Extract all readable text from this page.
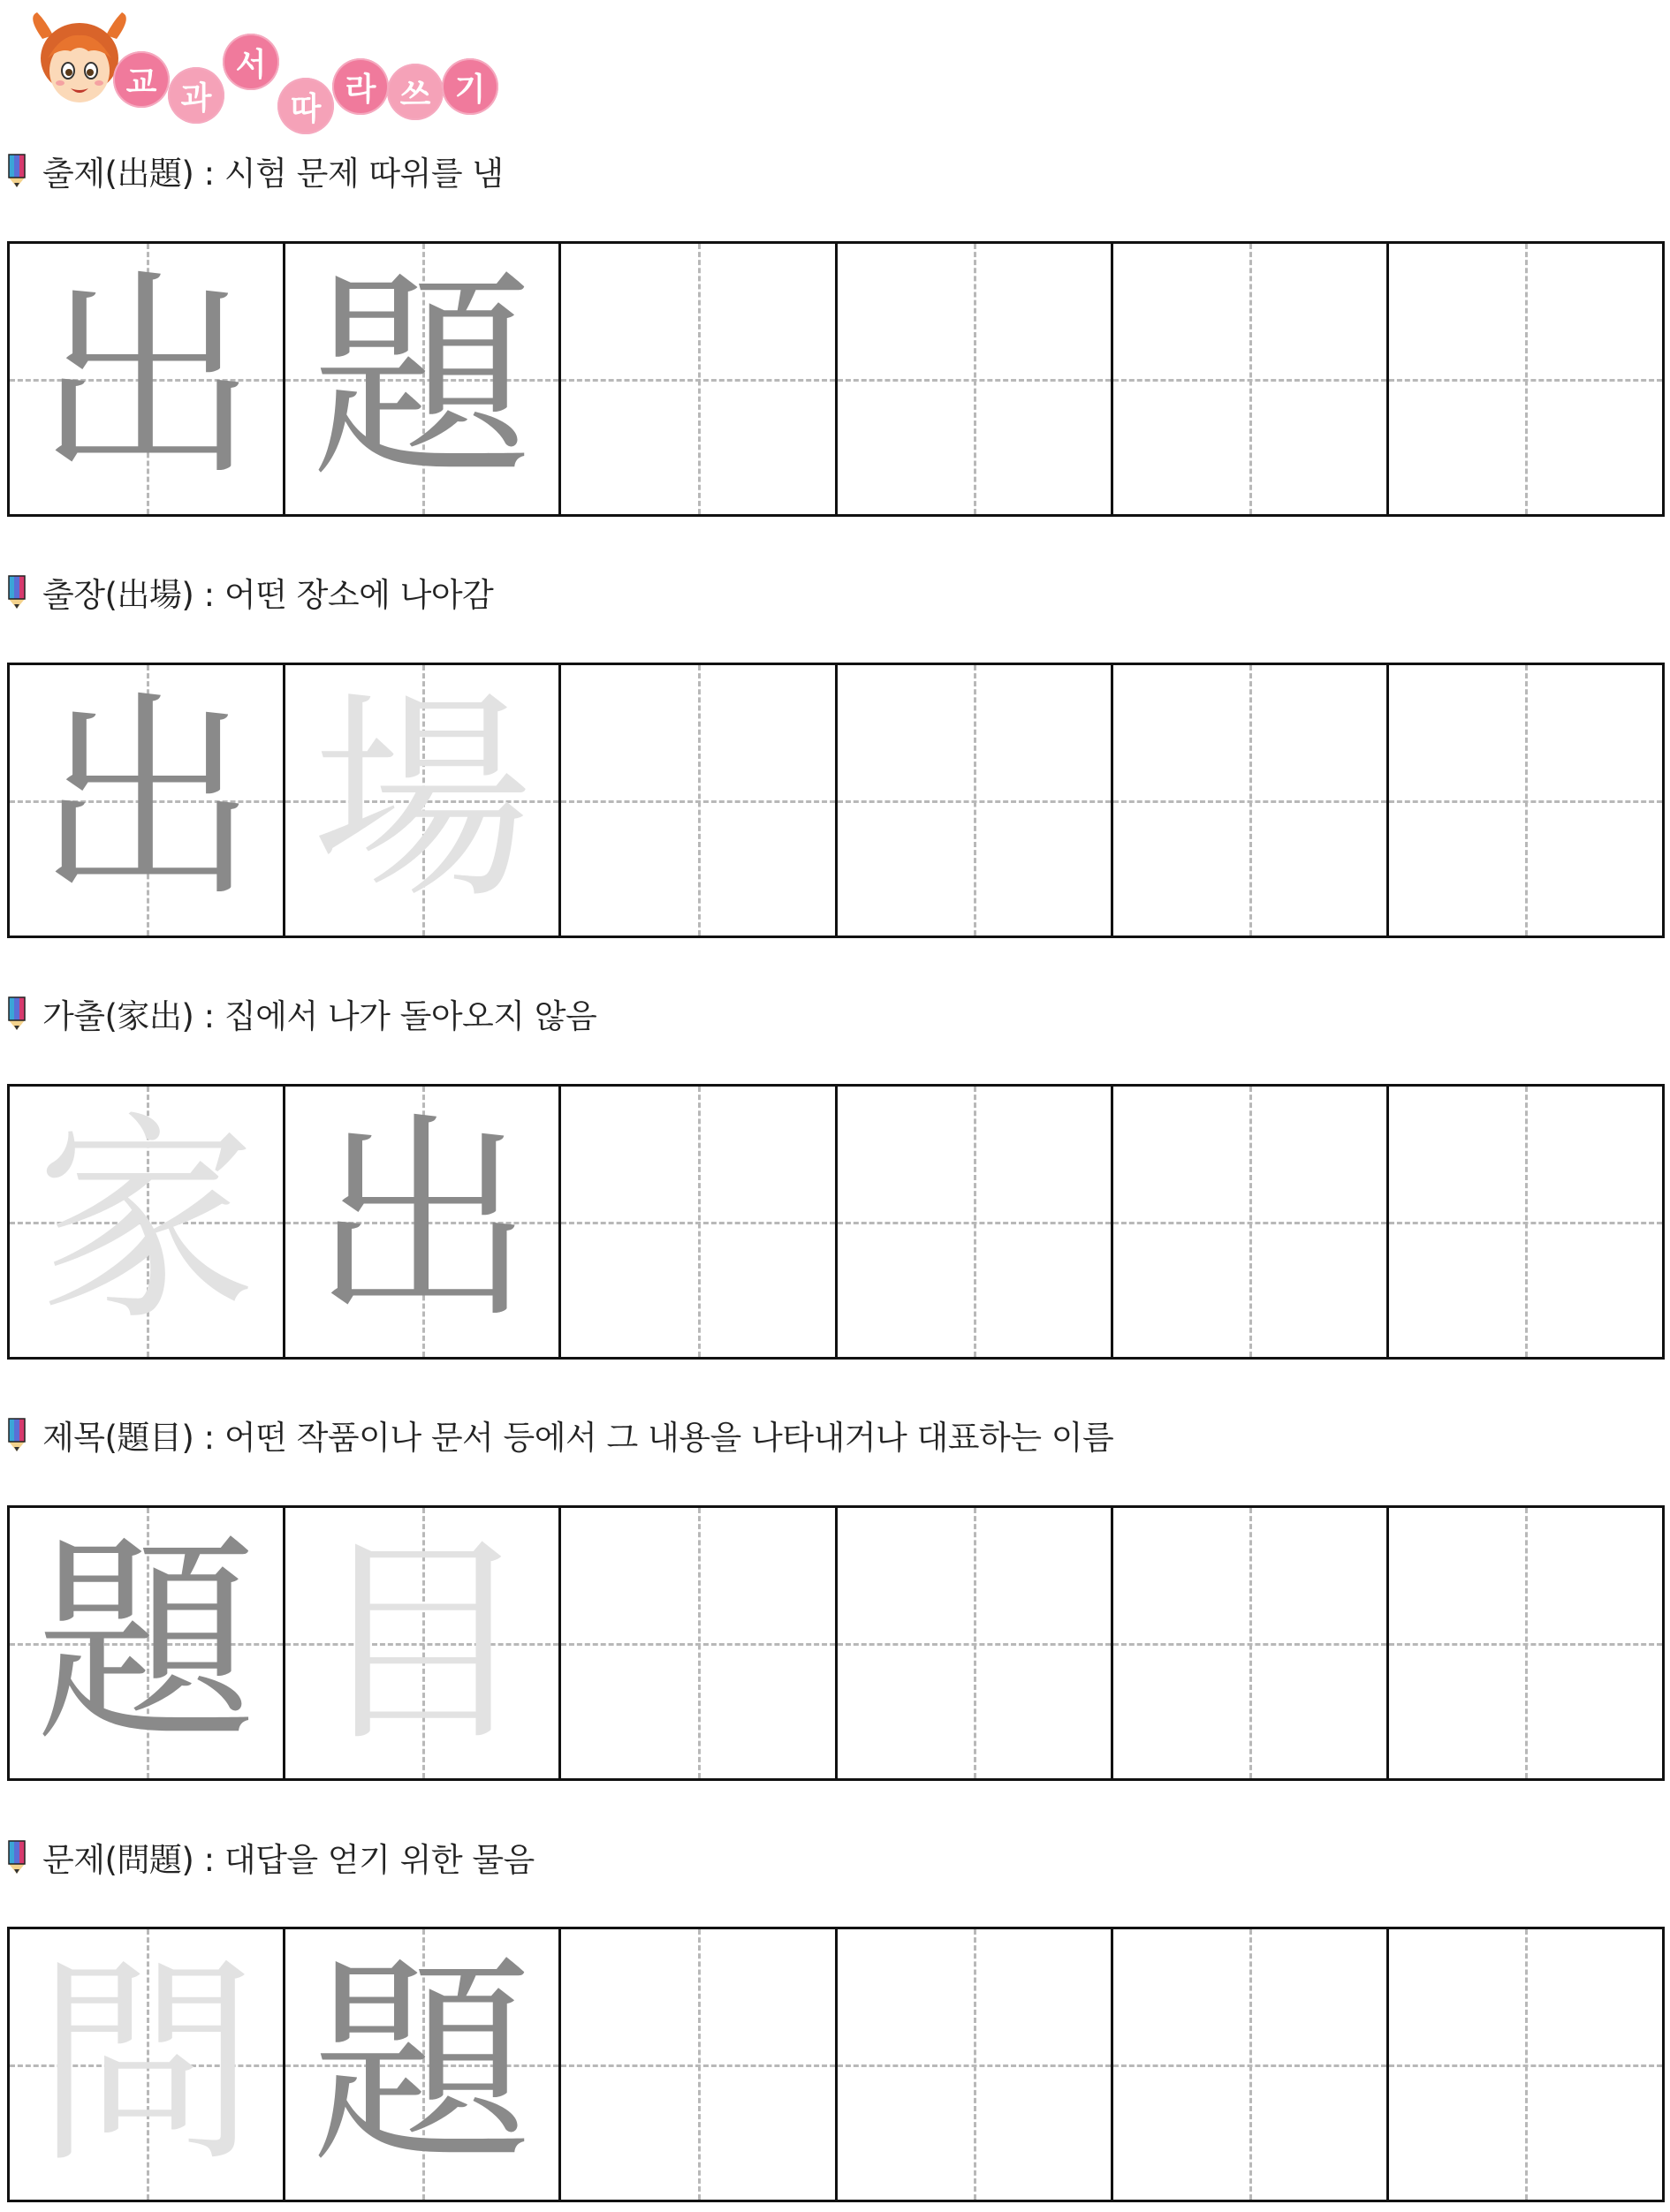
교 과
서
따
라 쓰 기
출제(出題) : 시험 문제 따위를 냄
出 題
출장(出場) : 어떤 장소에 나아감
出 場
가출(家出) : 집에서 나가 돌아오지 않음
家 出
제목(題目) : 어떤 작품이나 문서 등에서 그 내용을 나타내거나 대표하는 이름
題 目
문제(問題) : 대답을 얻기 위한 물음
問 題
